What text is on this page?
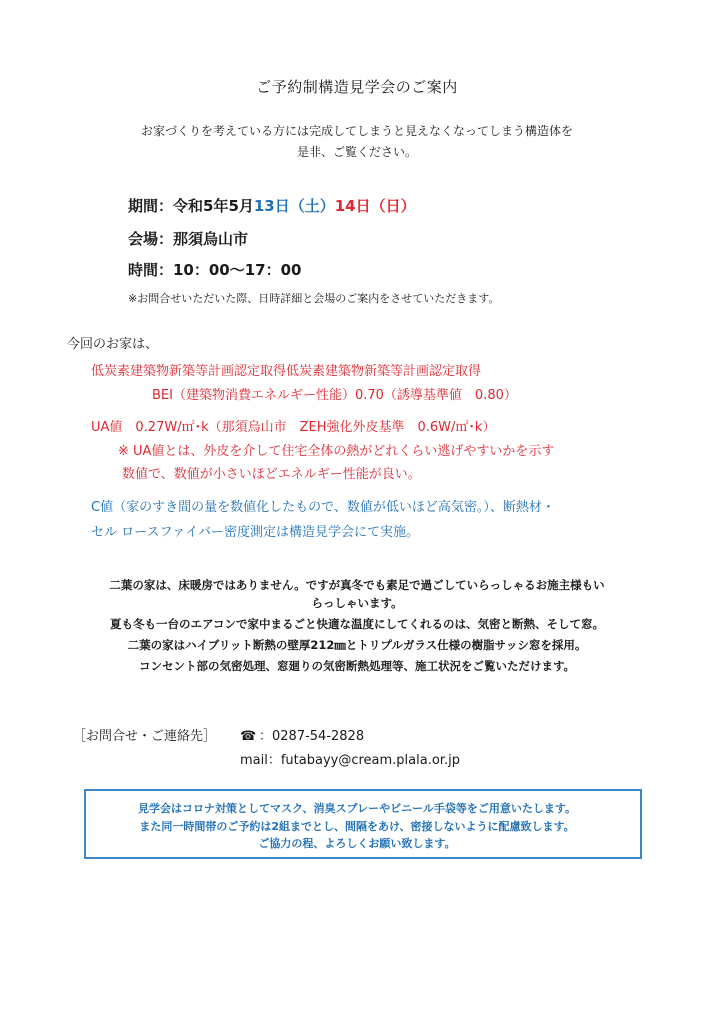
ご予約制構造見学会のご案内
お家づくりを考えている方には完成してしまうと見えなくなってしまう構造体を
是非、ご覧ください。
期間：令和5年5月13日（土）14日（日）
会場：那須烏山市
時間：10：00〜17：00
※お問合せいただいた際、日時詳細と会場のご案内をさせていただきます。
今回のお家は、
低炭素建築物新築等計画認定取得低炭素建築物新築等計画認定取得
BEI（建築物消費エネルギー性能）0.70（誘導基準値　0.80）
UA値　0.27W/㎡･k（那須烏山市　ZEH強化外皮基準　0.6W/㎡･k）
※ UA値とは、外皮を介して住宅全体の熱がどれくらい逃げやすいかを示す
数値で、数値が小さいほどエネルギー性能が良い。
C値（家のすき間の量を数値化したもので、数値が低いほど高気密。）、断熱材・
セル ロースファイバー密度測定は構造見学会にて実施。
二葉の家は、床暖房ではありません。ですが真冬でも素足で過ごしていらっしゃるお施主様もい
らっしゃいます。
夏も冬も一台のエアコンで家中まるごと快適な温度にしてくれるのは、気密と断熱、そして窓。
二葉の家はハイブリット断熱の壁厚212㎜とトリプルガラス仕様の樹脂サッシ窓を採用。
コンセント部の気密処理、窓廻りの気密断熱処理等、施工状況をご覧いただけます。
［お問合せ・ご連絡先］ ☎ ：0287-54-2828
mail：futabayy@cream.plala.or.jp
見学会はコロナ対策としてマスク、消臭スプレーやビニール手袋等をご用意いたします。
また同一時間帯のご予約は2組までとし、間隔をあけ、密接しないように配慮致します。
ご協力の程、よろしくお願い致します。
